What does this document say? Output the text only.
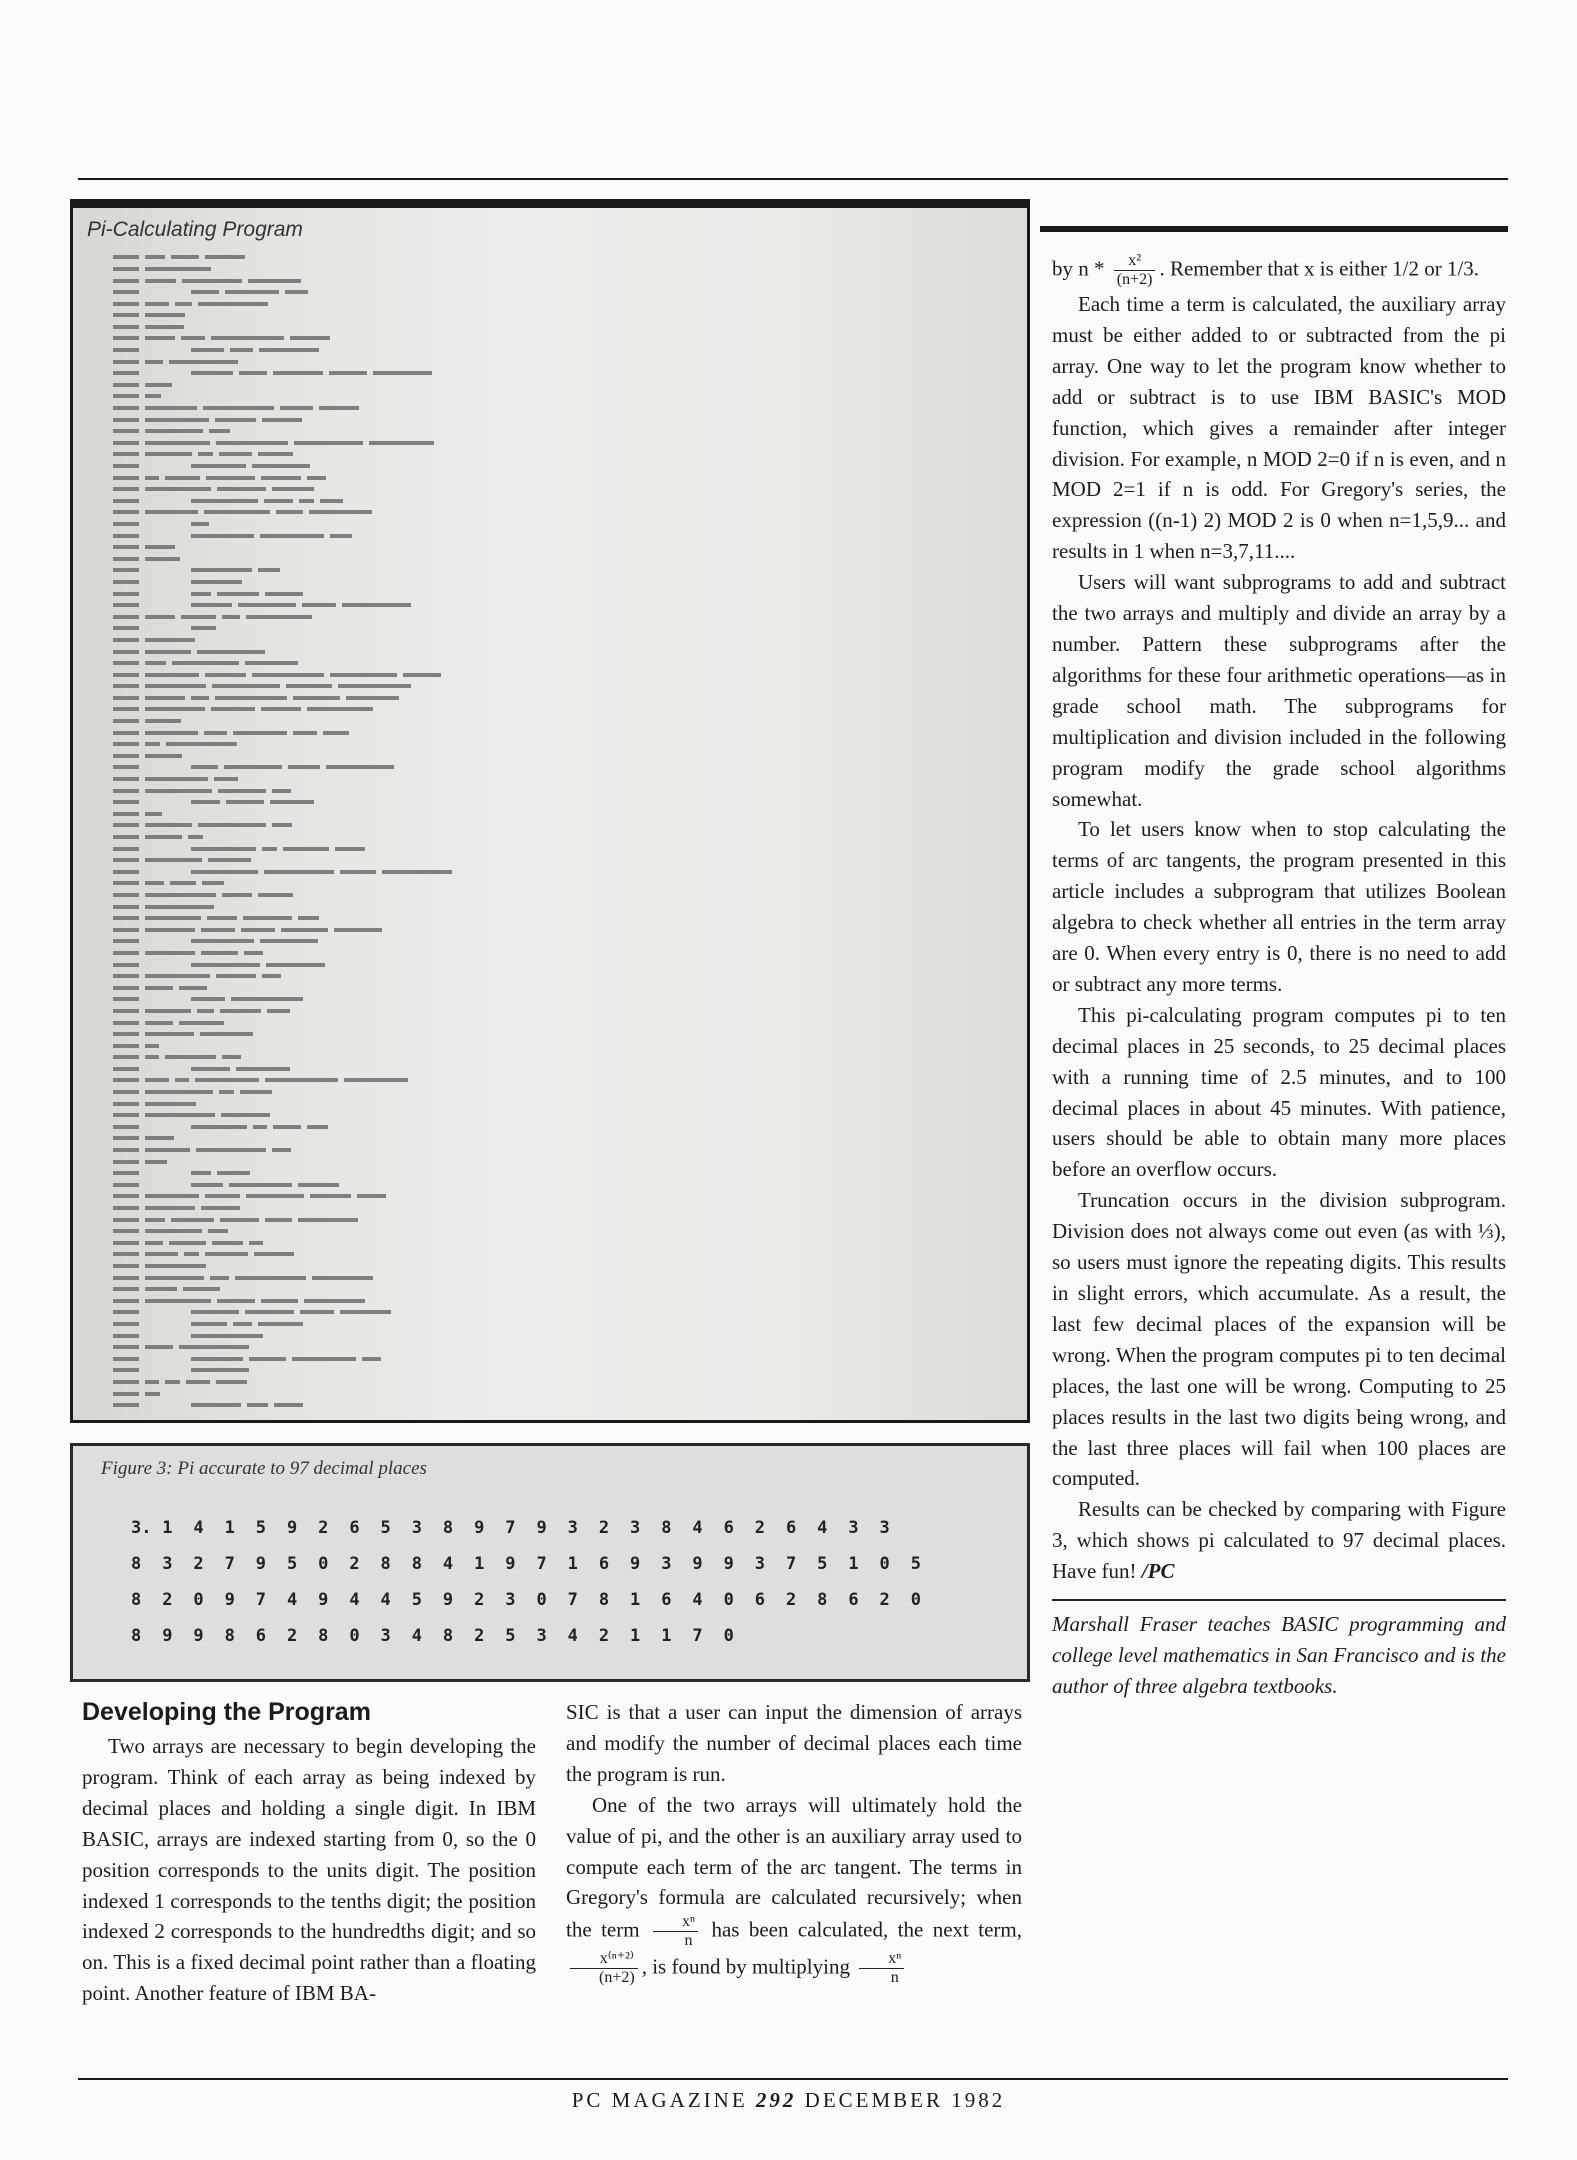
Pi-Calculating Program
Figure 3: Pi accurate to 97 decimal places
3. 1	4	1	5	9	2	6	5	3	8	9	7	9	3	2	3	8	4	6	2	6	4	3	3
8	3	2	7	9	5	0	2	8	8	4	1	9	7	1	6	9	3	9	9	3	7	5	1	0	5
8	2	0	9	7	4	9	4	4	5	9	2	3	0	7	8	1	6	4	0	6	2	8	6	2	0
8	9	9	8	6	2	8	0	3	4	8	2	5	3	4	2	1	1	7	0
Developing the Program

Two arrays are necessary to begin developing the program. Think of each array as being indexed by decimal places and holding a single digit. In IBM BASIC, arrays are indexed starting from 0, so the 0 position corresponds to the units digit. The position indexed 1 corresponds to the tenths digit; the position indexed 2 corresponds to the hundredths digit; and so on. This is a fixed decimal point rather than a floating point. Another feature of IBM BA-

SIC is that a user can input the dimension of arrays and modify the number of decimal places each time the program is run.

One of the two arrays will ultimately hold the value of pi, and the other is an auxiliary array used to compute each term of the arc tangent. The terms in Gregory's formula are calculated recursively; when the term $\frac{\text{xⁿ}}{n}$ has been calculated, the next term,
$\frac{\text{x⁽ⁿ⁺²⁾}}{(n+2)}$ , is found by multiplying $\frac{\text{xⁿ}}{n}$

by n * $\frac{\text{x²}}{(n+2)}$ . Remember that x is either 1/2 or 1/3.

Each time a term is calculated, the auxiliary array must be either added to or subtracted from the pi array. One way to let the program know whether to add or subtract is to use IBM BASIC's MOD function, which gives a remainder after integer division. For example, n MOD 2=0 if n is even, and n MOD 2=1 if n is odd. For Gregory's series, the expression ((n-1) 2) MOD 2 is 0 when n=1,5,9... and results in 1 when n=3,7,11....

Users will want subprograms to add and subtract the two arrays and multiply and divide an array by a number. Pattern these subprograms after the algorithms for these four arithmetic operations—as in grade school math. The subprograms for multiplication and division included in the following program modify the grade school algorithms somewhat.

To let users know when to stop calculating the terms of arc tangents, the program presented in this article includes a subprogram that utilizes Boolean algebra to check whether all entries in the term array are 0. When every entry is 0, there is no need to add or subtract any more terms.

This pi-calculating program computes pi to ten decimal places in 25 seconds, to 25 decimal places with a running time of 2.5 minutes, and to 100 decimal places in about 45 minutes. With patience, users should be able to obtain many more places before an overflow occurs.

Truncation occurs in the division subprogram. Division does not always come out even (as with ⅓), so users must ignore the repeating digits. This results in slight errors, which accumulate. As a result, the last few decimal places of the expansion will be wrong. When the program computes pi to ten decimal places, the last one will be wrong. Computing to 25 places results in the last two digits being wrong, and the last three places will fail when 100 places are computed.

Results can be checked by comparing with Figure 3, which shows pi calculated to 97 decimal places. Have fun! /PC

Marshall Fraser teaches BASIC programming and college level mathematics in San Francisco and is the author of three algebra textbooks.

PC MAGAZINE 292 DECEMBER 1982
